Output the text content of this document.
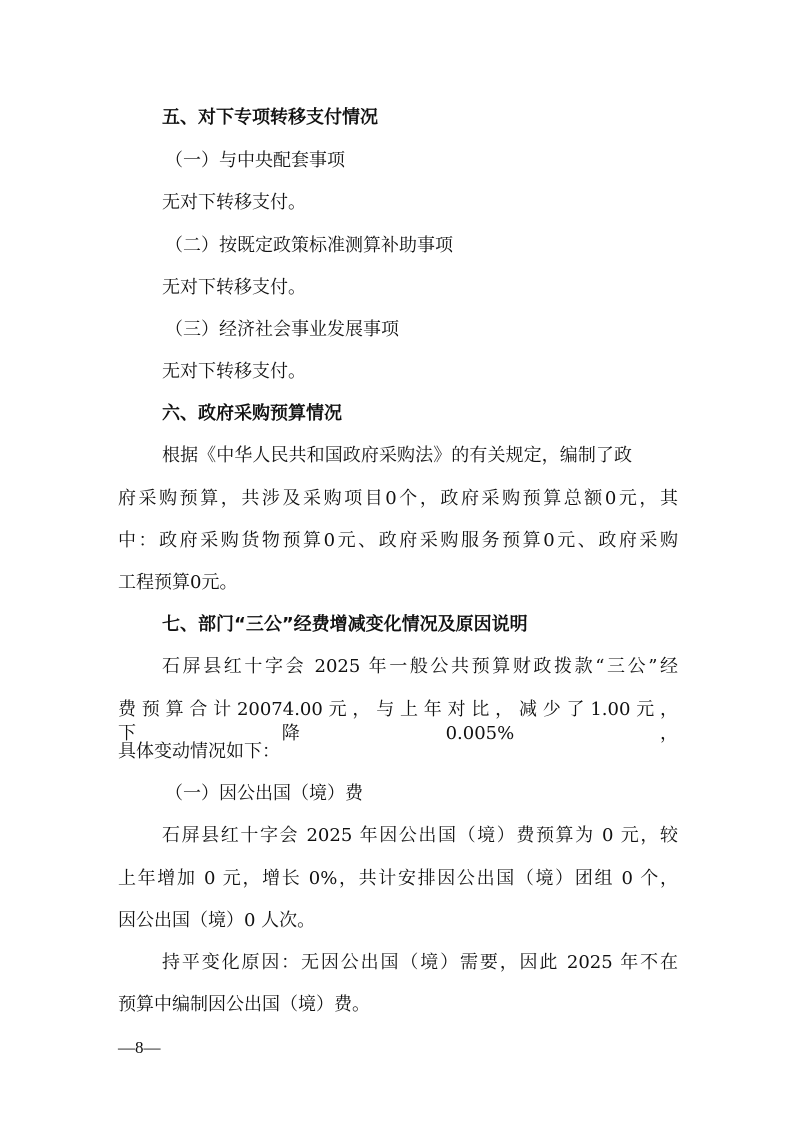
五、对下专项转移支付情况
（一）与中央配套事项
无对下转移支付。
（二）按既定政策标准测算补助事项
无对下转移支付。
（三）经济社会事业发展事项
无对下转移支付。
六、政府采购预算情况
根据《中华人民共和国政府采购法》的有关规定，编制了政
府采购预算，共涉及采购项目0个，政府采购预算总额0元，其
中：政府采购货物预算0元、政府采购服务预算0元、政府采购
工程预算0元。
七、部门“三公”经费增减变化情况及原因说明
石屏县红十字会 2025 年一般公共预算财政拨款“三公”经
费预算合计20074.00元，与上年对比，减少了1.00元，下降0.005%，
具体变动情况如下：
（一）因公出国（境）费
石屏县红十字会 2025 年因公出国（境）费预算为 0 元，较
上年增加 0 元，增长 0%，共计安排因公出国（境）团组 0 个，
因公出国（境）0 人次。
持平变化原因：无因公出国（境）需要，因此 2025 年不在
预算中编制因公出国（境）费。
—8—
